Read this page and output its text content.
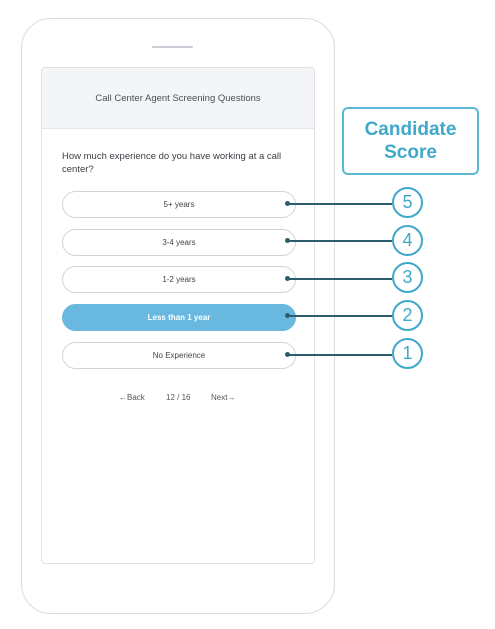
Call Center Agent Screening Questions
How much experience do you have working at a call center?
5+ years
3-4 years
1-2 years
Less than 1 year
No Experience
←Back	12 / 16	Next→
Candidate Score
5
4
3
2
1
